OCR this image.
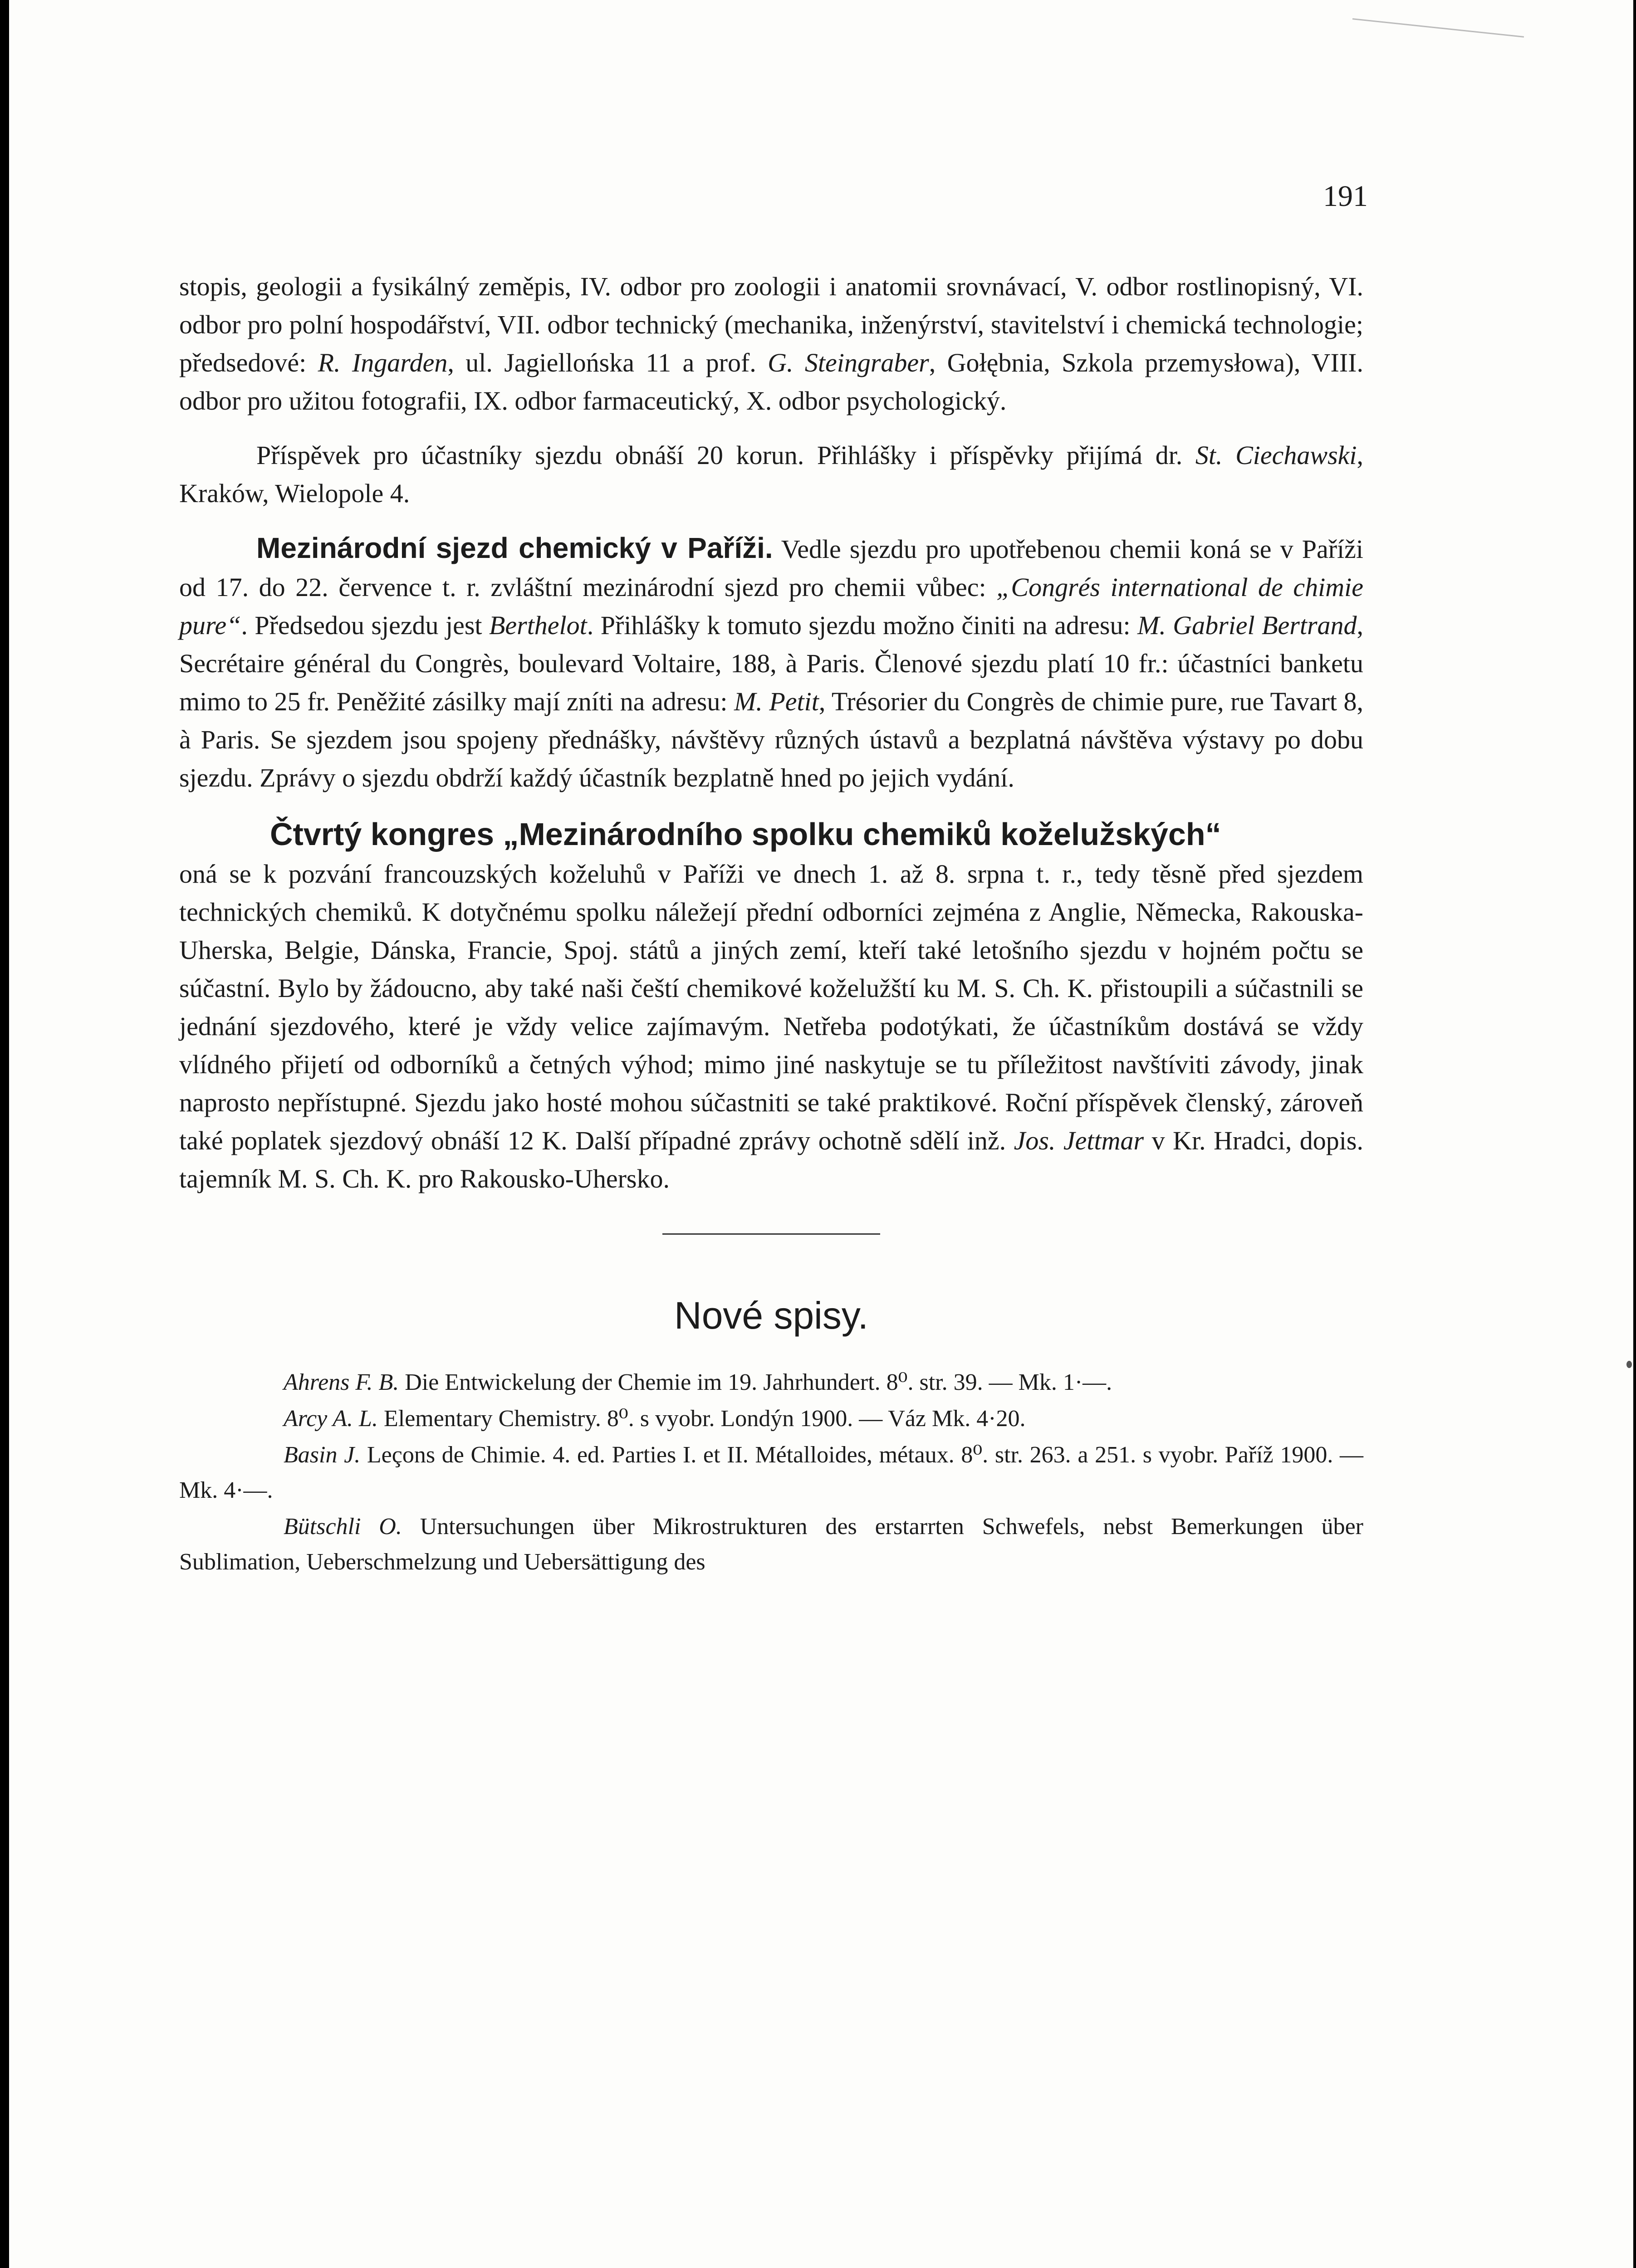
191

stopis, geologii a fysikálný zeměpis, IV. odbor pro zoologii i anatomii srovnávací, V. odbor rostlinopisný, VI. odbor pro polní hospodářství, VII. odbor technický (mechanika, inženýrství, stavitelství i chemická technologie; předsedové: R. Ingarden, ul. Jagiellońska 11 a prof. G. Steingraber, Gołębnia, Szkola przemysłowa), VIII. odbor pro užitou fotografii, IX. odbor farmaceutický, X. odbor psychologický.

Příspěvek pro účastníky sjezdu obnáší 20 korun. Přihlášky i příspěvky přijímá dr. St. Ciechawski, Kraków, Wielopole 4.

Mezinárodní sjezd chemický v Paříži. Vedle sjezdu pro upotřebenou chemii koná se v Paříži od 17. do 22. července t. r. zvláštní mezinárodní sjezd pro chemii vůbec: „Congrés international de chimie pure“. Předsedou sjezdu jest Berthelot. Přihlášky k tomuto sjezdu možno činiti na adresu: M. Gabriel Bertrand, Secrétaire général du Congrès, boulevard Voltaire, 188, à Paris. Členové sjezdu platí 10 fr.: účastníci banketu mimo to 25 fr. Peněžité zásilky mají zníti na adresu: M. Petit, Trésorier du Congrès de chimie pure, rue Tavart 8, à Paris. Se sjezdem jsou spojeny přednášky, návštěvy různých ústavů a bezplatná návštěva výstavy po dobu sjezdu. Zprávy o sjezdu obdrží každý účastník bezplatně hned po jejich vydání.

Čtvrtý kongres „Mezinárodního spolku chemiků koželužských“

oná se k pozvání francouzských koželuhů v Paříži ve dnech 1. až 8. srpna t. r., tedy těsně před sjezdem technických chemiků. K dotyčnému spolku náležejí přední odborníci zejména z Anglie, Německa, Rakouska-Uherska, Belgie, Dánska, Francie, Spoj. států a jiných zemí, kteří také letošního sjezdu v hojném počtu se súčastní. Bylo by žádoucno, aby také naši čeští chemikové koželužští ku M. S. Ch. K. přistoupili a súčastnili se jednání sjezdového, které je vždy velice zajímavým. Netřeba podotýkati, že účastníkům dostává se vždy vlídného přijetí od odborníků a četných výhod; mimo jiné naskytuje se tu příležitost navštíviti závody, jinak naprosto nepřístupné. Sjezdu jako hosté mohou súčastniti se také praktikové. Roční příspěvek členský, zároveň také poplatek sjezdový obnáší 12 K. Další případné zprávy ochotně sdělí inž. Jos. Jettmar v Kr. Hradci, dopis. tajemník M. S. Ch. K. pro Rakousko-Uhersko.

Nové spisy.

Ahrens F. B. Die Entwickelung der Chemie im 19. Jahrhundert. 8⁰. str. 39. — Mk. 1·—.

Arcy A. L. Elementary Chemistry. 8⁰. s vyobr. Londýn 1900. — Váz Mk. 4·20.

Basin J. Leçons de Chimie. 4. ed. Parties I. et II. Métalloides, métaux. 8⁰. str. 263. a 251. s vyobr. Paříž 1900. — Mk. 4·—.

Bütschli O. Untersuchungen über Mikrostrukturen des erstarrten Schwefels, nebst Bemerkungen über Sublimation, Ueberschmelzung und Uebersättigung des
